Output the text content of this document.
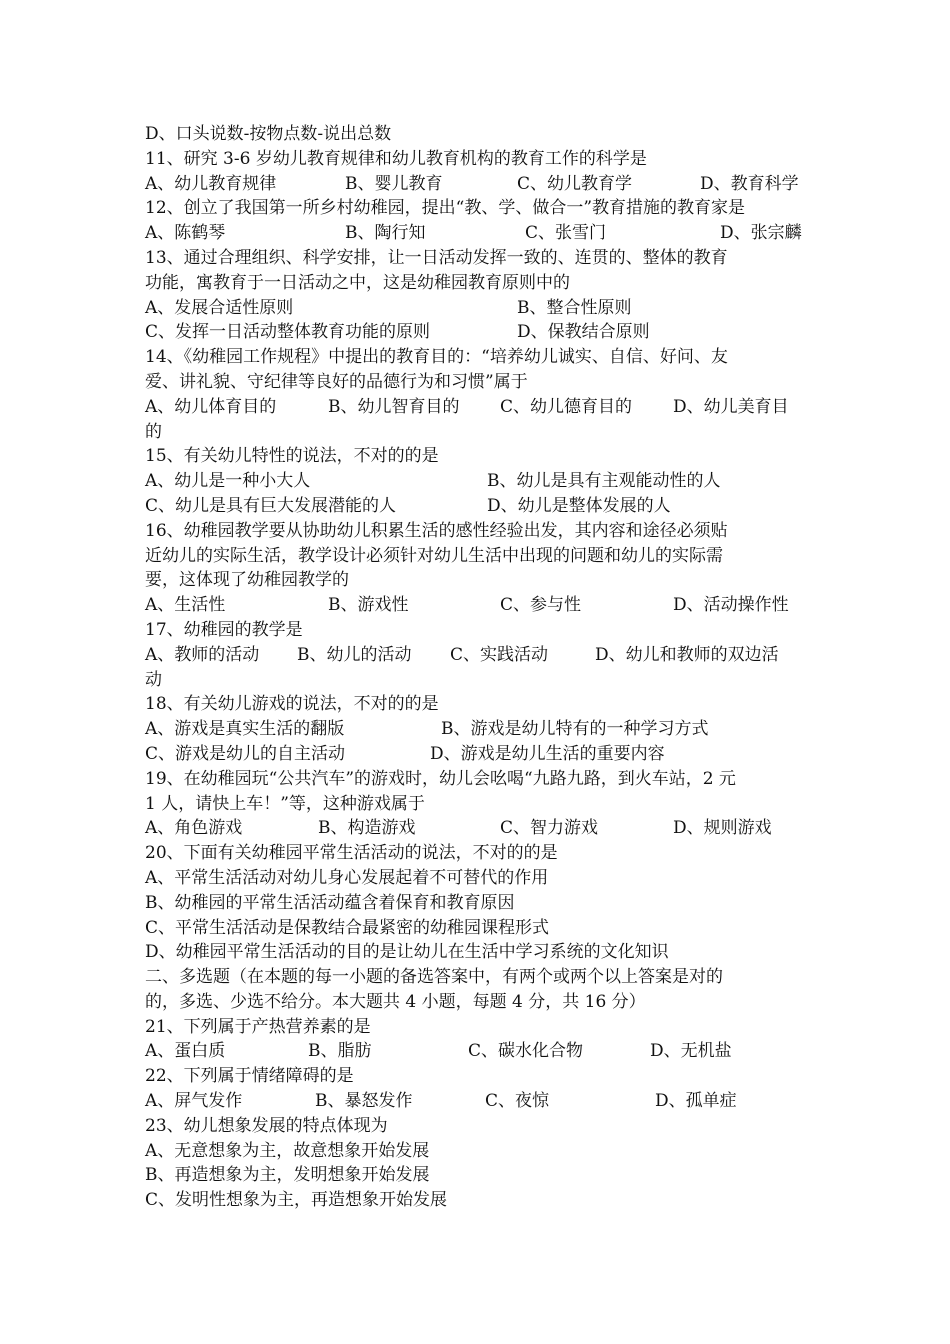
D、口头说数-按物点数-说出总数
11、研究 3-6 岁幼儿教育规律和幼儿教育机构的教育工作的科学是
A、幼儿教育规律	B、婴儿教育	C、幼儿教育学	D、教育科学
12、创立了我国第一所乡村幼稚园，提出“教、学、做合一”教育措施的教育家是
A、陈鹤琴	B、陶行知	C、张雪门	D、张宗麟
13、通过合理组织、科学安排，让一日活动发挥一致的、连贯的、整体的教育
功能，寓教育于一日活动之中，这是幼稚园教育原则中的
A、发展合适性原则	B、整合性原则
C、发挥一日活动整体教育功能的原则	D、保教结合原则
14、《幼稚园工作规程》中提出的教育目的：“培养幼儿诚实、自信、好问、友
爱、讲礼貌、守纪律等良好的品德行为和习惯”属于
A、幼儿体育目的	B、幼儿智育目的 C、幼儿德育目的 D、幼儿美育目
的
15、有关幼儿特性的说法，不对的的是
A、幼儿是一种小大人	B、幼儿是具有主观能动性的人
C、幼儿是具有巨大发展潜能的人	D、幼儿是整体发展的人
16、幼稚园教学要从协助幼儿积累生活的感性经验出发，其内容和途径必须贴
近幼儿的实际生活，教学设计必须针对幼儿生活中出现的问题和幼儿的实际需
要，这体现了幼稚园教学的
A、生活性	B、游戏性	C、参与性	D、活动操作性
17、幼稚园的教学是
A、教师的活动 B、幼儿的活动 C、实践活动	D、幼儿和教师的双边活
动
18、有关幼儿游戏的说法，不对的的是
A、游戏是真实生活的翻版	B、游戏是幼儿特有的一种学习方式
C、游戏是幼儿的自主活动	D、游戏是幼儿生活的重要内容
19、在幼稚园玩“公共汽车”的游戏时，幼儿会吆喝“九路九路，到火车站，2 元
1 人，请快上车！”等，这种游戏属于
A、角色游戏	B、构造游戏	C、智力游戏	D、规则游戏
20、下面有关幼稚园平常生活活动的说法，不对的的是
A、平常生活活动对幼儿身心发展起着不可替代的作用
B、幼稚园的平常生活活动蕴含着保育和教育原因
C、平常生活活动是保教结合最紧密的幼稚园课程形式
D、幼稚园平常生活活动的目的是让幼儿在生活中学习系统的文化知识
二、多选题（在本题的每一小题的备选答案中，有两个或两个以上答案是对的
的，多选、少选不给分。本大题共 4 小题，每题 4 分，共 16 分）
21、下列属于产热营养素的是
A、蛋白质	B、脂肪	C、碳水化合物	D、无机盐
22、下列属于情绪障碍的是
A、屏气发作	B、暴怒发作	C、夜惊	D、孤单症
23、幼儿想象发展的特点体现为
A、无意想象为主，故意想象开始发展
B、再造想象为主，发明想象开始发展
C、发明性想象为主，再造想象开始发展
